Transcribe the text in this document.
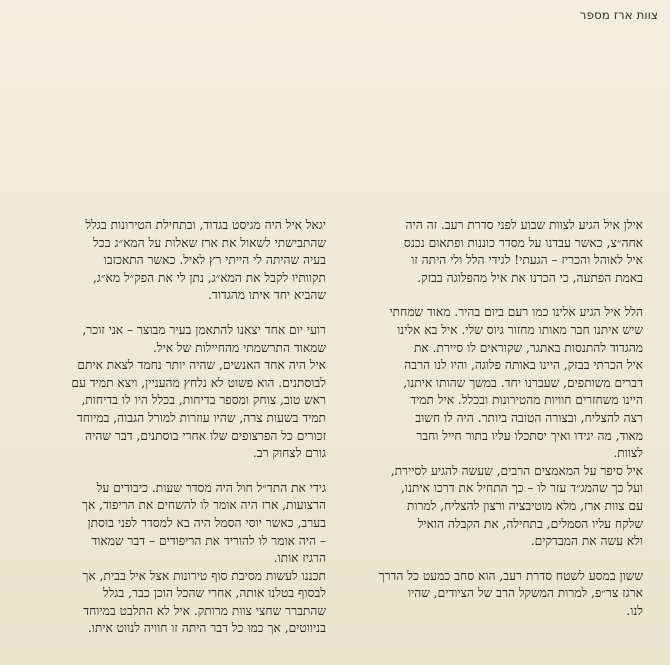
צוות ארז מספר

אילן איל הגיע לצוות שבוע לפני סדרת רעב. זה היה
אחה״צ, כאשר עבדנו על מסדר כוננות ופתאום נכנס
איל לאוהל והכריז – הגעתי! לגידי הלל ולי היתה זו
באמת הפתעה, כי הכרנו את איל מהפלוגה בבזק.

הלל איל הגיע אלינו כמו רעם ביום בהיר. מאוד שמחתי
שיש איתנו חבר מאותו מחזור גיוס שלי. איל בא אלינו
מהגדוד להתנסות באתגר, שקוראים לו סיירת. את
איל הכרתי בבזק, היינו באותה פלוגה, והיו לנו הרבה
דברים משותפים, שעברנו יחד. במשך שהותו איתנו,
היינו משחזרים חוויות מהטירונות ובכלל. איל תמיד
רצה להצליח, ובצורה הטובה ביותר. היה לו חשוב
מאוד, מה יגידו ואיך יסתכלו עליו בתור חייל וחבר
לצוות.
איל סיפר על המאמצים הרבים, שעשה להגיע לסיירת,
ועל כך שהמג״ד עזר לו – כך התחיל את דרכו איתנו,
עם צוות ארז, מלא מוטיבציה ורצון להצליח, למרות
שלקח עליו הסמלים, בתחילה, את הקבלה הואיל
ולא עשה את המבדקים.

ששון במסע לשטח סדרת רעב, הוא סחב כמעט כל הדרך
ארגז צר״פ, למרות המשקל הרב של הציודים, שהיו
לנו.

יגאל איל היה מגיסט בגדוד, ובתחילת הטירונות בגלל
שהתבישתי לשאול את ארז שאלות על המא״ג בכל
בעיה שהיתה לי הייתי רץ לאיל. כאשר התאכזבו
תקוותיו לקבל את המא״ג, נתן לי את הפק״ל מא״ג,
שהביא יחד איתו מהגדוד.

רועי יום אחד יצאנו להתאמן בעיר מבוצר – אני זוכר,
שמאוד התרשמתי מהחיילות של איל.
איל היה אחד האנשים, שהיה יותר נחמד לצאת איתם
לבוסתנים. הוא פשוט לא נלחץ מהעניין, ויצא תמיד עם
ראש טוב, צוחק ומספר בדיחות, בכלל היו לו בדיחות,
תמיד בשעות צרה, שהיו עוזרות למורל הגבוה, במיוחד
זכורים כל הפרצופים שלו אחרי בוסתנים, דבר שהיה
גורם לצחוק רב.

גידי את התד״ל חול היה מסדר שעות. כיבודים על
הרצועות, ארז היה אומר לו להשחים את הריפוד, אך
בערב, כאשר יוסי הסמל היה בא למסדר לפני בוסתן
– היה אומר לו להוריד את הריפודים – דבר שמאוד
הרגיז אותו.
תכננו לעשות מסיבת סוף טירונות אצל איל בבית, אך
לבסוף בטלנו אותה, אחרי שהכל הוכן כבר, בגלל
שהתברר שחצי צוות מרותק. איל לא התלבט במיוחד
בניווטים, אך כמו כל דבר היתה זו חוויה לנווט איתו.
